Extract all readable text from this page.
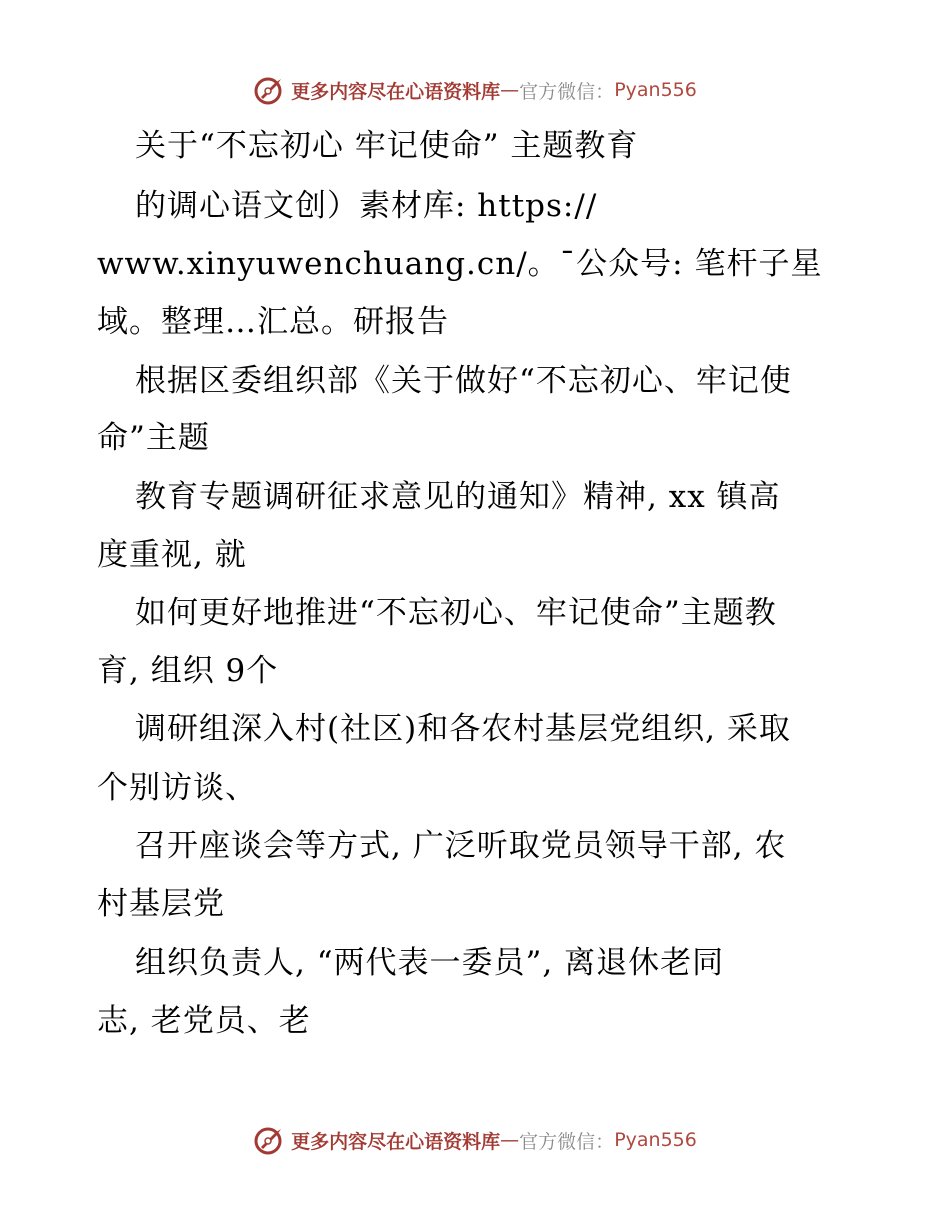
更多内容尽在心语资料库 — 官方微信： Pyan556
关于“不忘初心 牢记使命” 主题教育
的调心语文创）素材库: https://
www.xinyuwenchuang.cn/。¯公众号: 笔杆子星
域。整理…汇总。研报告
根据区委组织部《关于做好“不忘初心、牢记使
命”主题
教育专题调研征求意见的通知》精神, xx 镇高
度重视, 就
如何更好地推进“不忘初心、牢记使命”主题教
育, 组织 9个
调研组深入村(社区)和各农村基层党组织, 采取
个别访谈、
召开座谈会等方式, 广泛听取党员领导干部, 农
村基层党
组织负责人, “两代表一委员”, 离退休老同
志, 老党员、老
更多内容尽在心语资料库 — 官方微信： Pyan556
